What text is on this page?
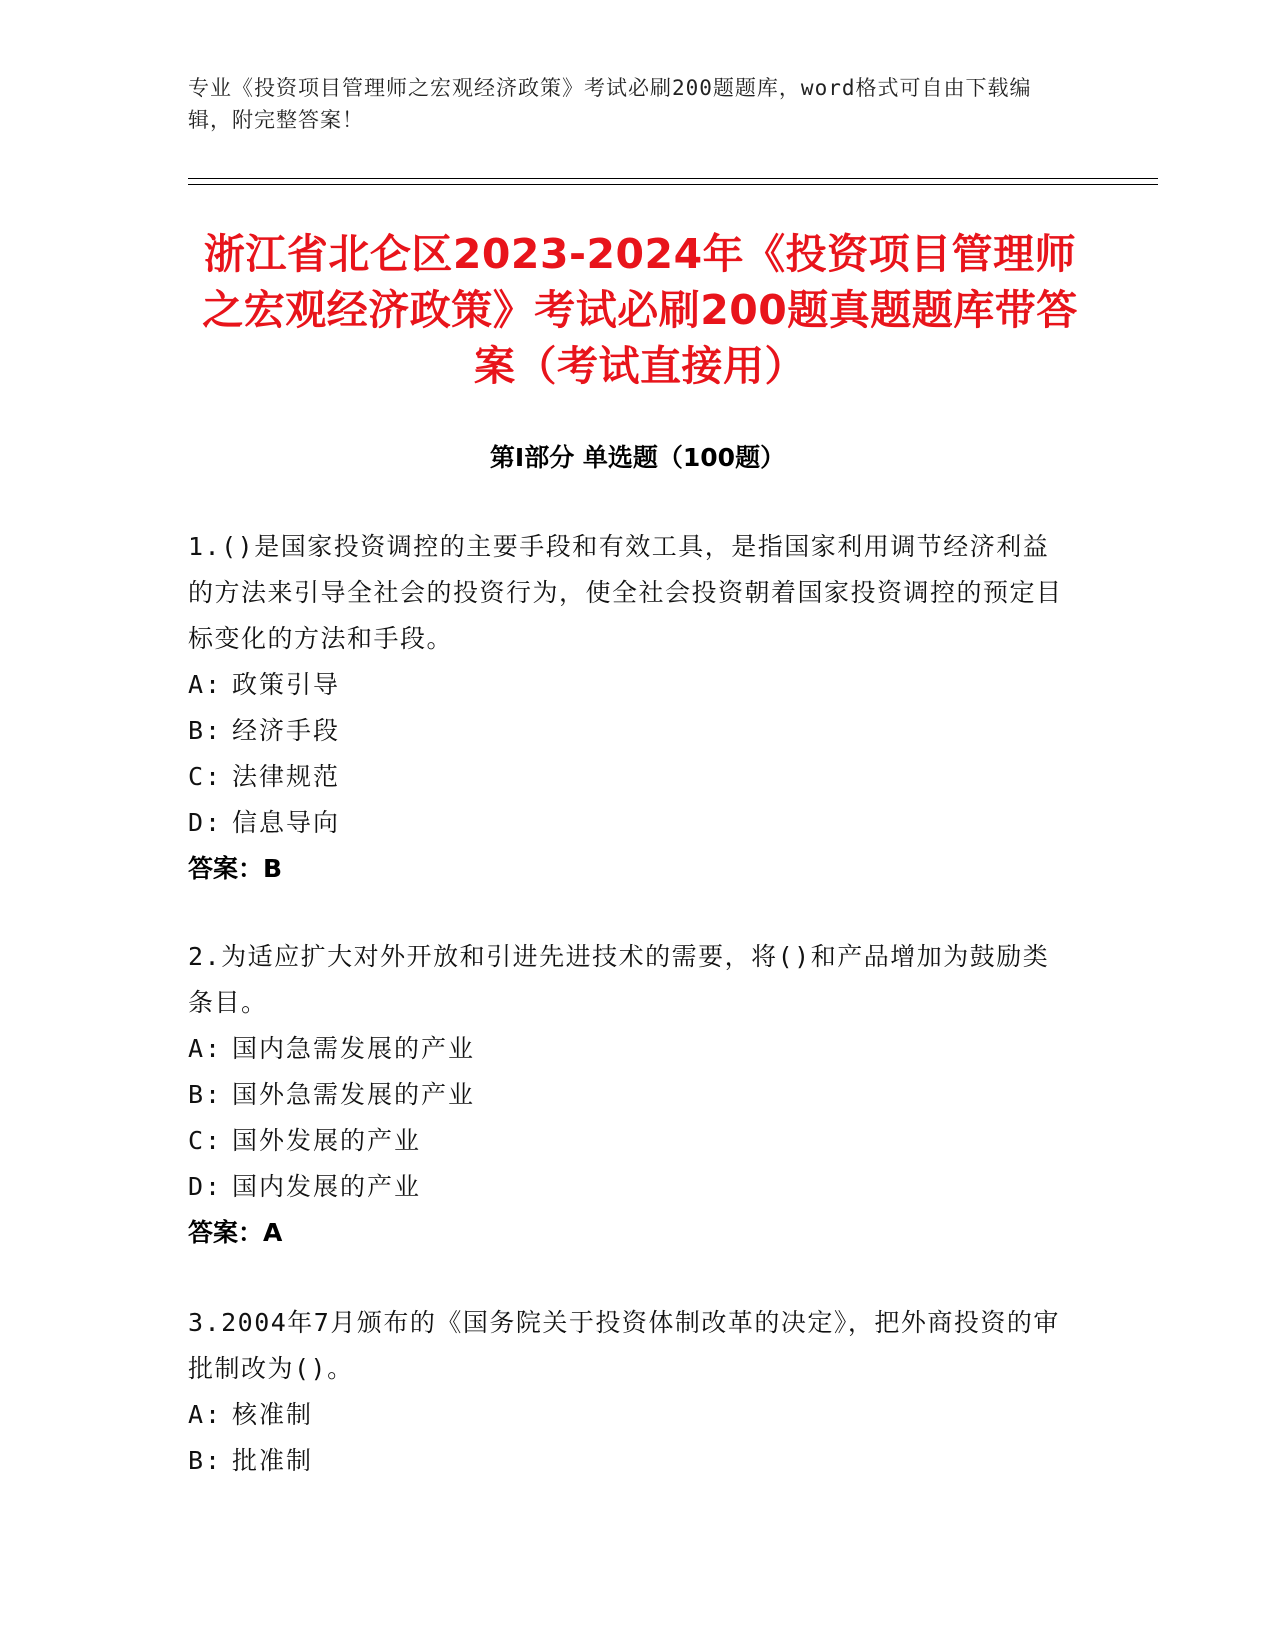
专业《投资项目管理师之宏观经济政策》考试必刷200题题库，word格式可自由下载编辑，附完整答案！
浙江省北仑区2023-2024年《投资项目管理师之宏观经济政策》考试必刷200题真题题库带答案（考试直接用）
第Ⅰ部分 单选题（100题）
1.()是国家投资调控的主要手段和有效工具，是指国家利用调节经济利益的方法来引导全社会的投资行为，使全社会投资朝着国家投资调控的预定目标变化的方法和手段。
A: 政策引导
B: 经济手段
C: 法律规范
D: 信息导向
答案：B
2.为适应扩大对外开放和引进先进技术的需要，将()和产品增加为鼓励类条目。
A: 国内急需发展的产业
B: 国外急需发展的产业
C: 国外发展的产业
D: 国内发展的产业
答案：A
3.2004年7月颁布的《国务院关于投资体制改革的决定》，把外商投资的审批制改为()。
A: 核准制
B: 批准制
